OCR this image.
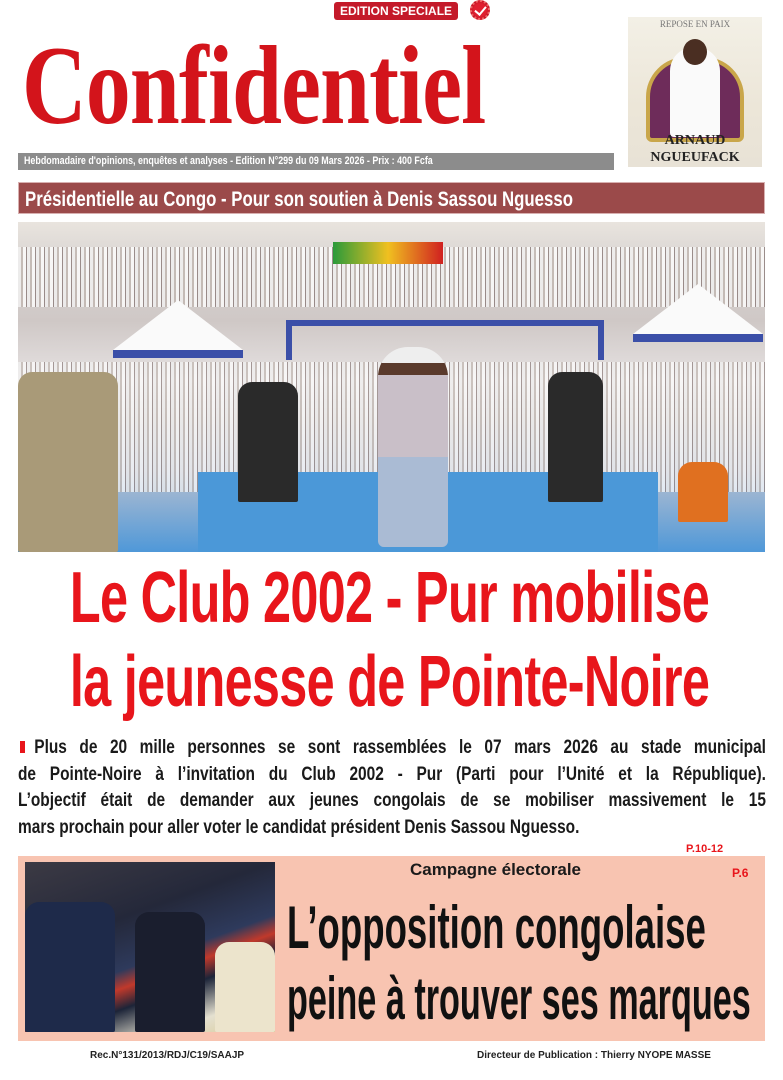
Confidentiel
EDITION SPECIALE
Hebdomadaire d'opinions, enquêtes et analyses - Edition N°299 du 09 Mars 2026 - Prix : 400 Fcfa
REPOSE EN PAIX
ARNAUD
NGUEUFACK
Présidentielle au Congo - Pour son soutien à Denis Sassou Nguesso
Le Club 2002 - Pur mobilise
la jeunesse de Pointe-Noire
Plus de 20 mille personnes se sont rassemblées le 07 mars 2026 au stade municipal
de Pointe-Noire à l’invitation du Club 2002 - Pur (Parti pour l’Unité et la République).
L’objectif était de demander aux jeunes congolais de se mobiliser massivement le 15
mars prochain pour aller voter le candidat président Denis Sassou Nguesso.
P.10-12
Campagne électorale	P.6
L’opposition congolaise
peine à trouver ses marques
Rec.N°131/2013/RDJ/C19/SAAJP	Directeur de Publication : Thierry NYOPE MASSE
